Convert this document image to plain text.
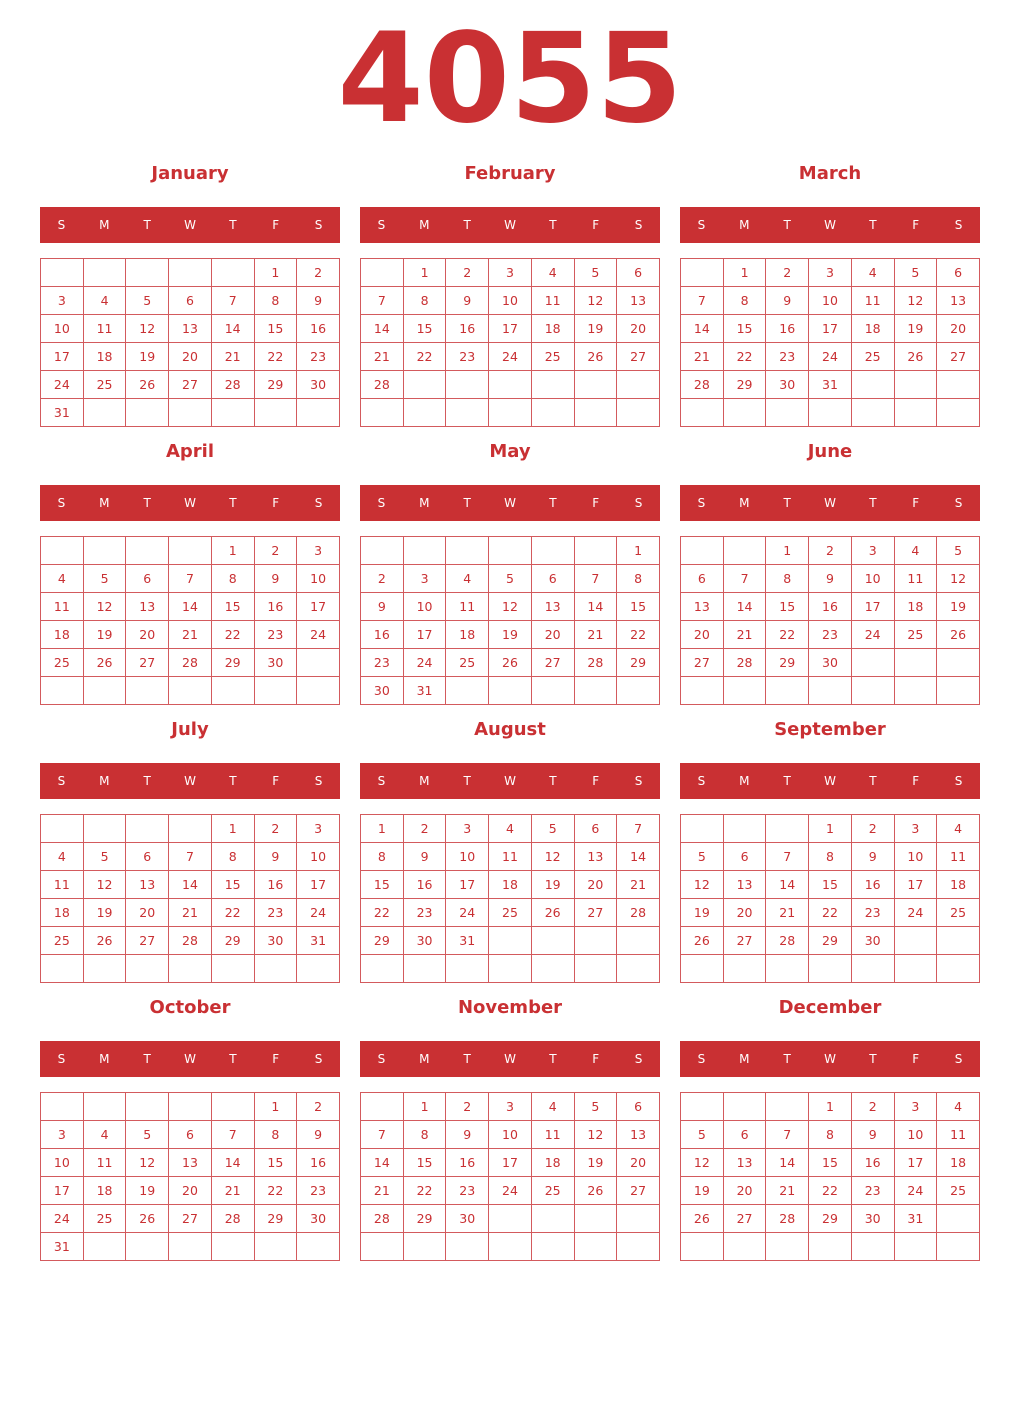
4055
January
S	M	T	W	T	F	S
					1	2
3	4	5	6	7	8	9
10	11	12	13	14	15	16
17	18	19	20	21	22	23
24	25	26	27	28	29	30
31						
February
S	M	T	W	T	F	S
	1	2	3	4	5	6
7	8	9	10	11	12	13
14	15	16	17	18	19	20
21	22	23	24	25	26	27
28						

March
S	M	T	W	T	F	S
	1	2	3	4	5	6
7	8	9	10	11	12	13
14	15	16	17	18	19	20
21	22	23	24	25	26	27
28	29	30	31			

April
S	M	T	W	T	F	S
				1	2	3
4	5	6	7	8	9	10
11	12	13	14	15	16	17
18	19	20	21	22	23	24
25	26	27	28	29	30	

May
S	M	T	W	T	F	S
						1
2	3	4	5	6	7	8
9	10	11	12	13	14	15
16	17	18	19	20	21	22
23	24	25	26	27	28	29
30	31					
June
S	M	T	W	T	F	S
		1	2	3	4	5
6	7	8	9	10	11	12
13	14	15	16	17	18	19
20	21	22	23	24	25	26
27	28	29	30			

July
S	M	T	W	T	F	S
				1	2	3
4	5	6	7	8	9	10
11	12	13	14	15	16	17
18	19	20	21	22	23	24
25	26	27	28	29	30	31

August
S	M	T	W	T	F	S
1	2	3	4	5	6	7
8	9	10	11	12	13	14
15	16	17	18	19	20	21
22	23	24	25	26	27	28
29	30	31				

September
S	M	T	W	T	F	S
			1	2	3	4
5	6	7	8	9	10	11
12	13	14	15	16	17	18
19	20	21	22	23	24	25
26	27	28	29	30		

October
S	M	T	W	T	F	S
					1	2
3	4	5	6	7	8	9
10	11	12	13	14	15	16
17	18	19	20	21	22	23
24	25	26	27	28	29	30
31						
November
S	M	T	W	T	F	S
	1	2	3	4	5	6
7	8	9	10	11	12	13
14	15	16	17	18	19	20
21	22	23	24	25	26	27
28	29	30				

December
S	M	T	W	T	F	S
			1	2	3	4
5	6	7	8	9	10	11
12	13	14	15	16	17	18
19	20	21	22	23	24	25
26	27	28	29	30	31	
